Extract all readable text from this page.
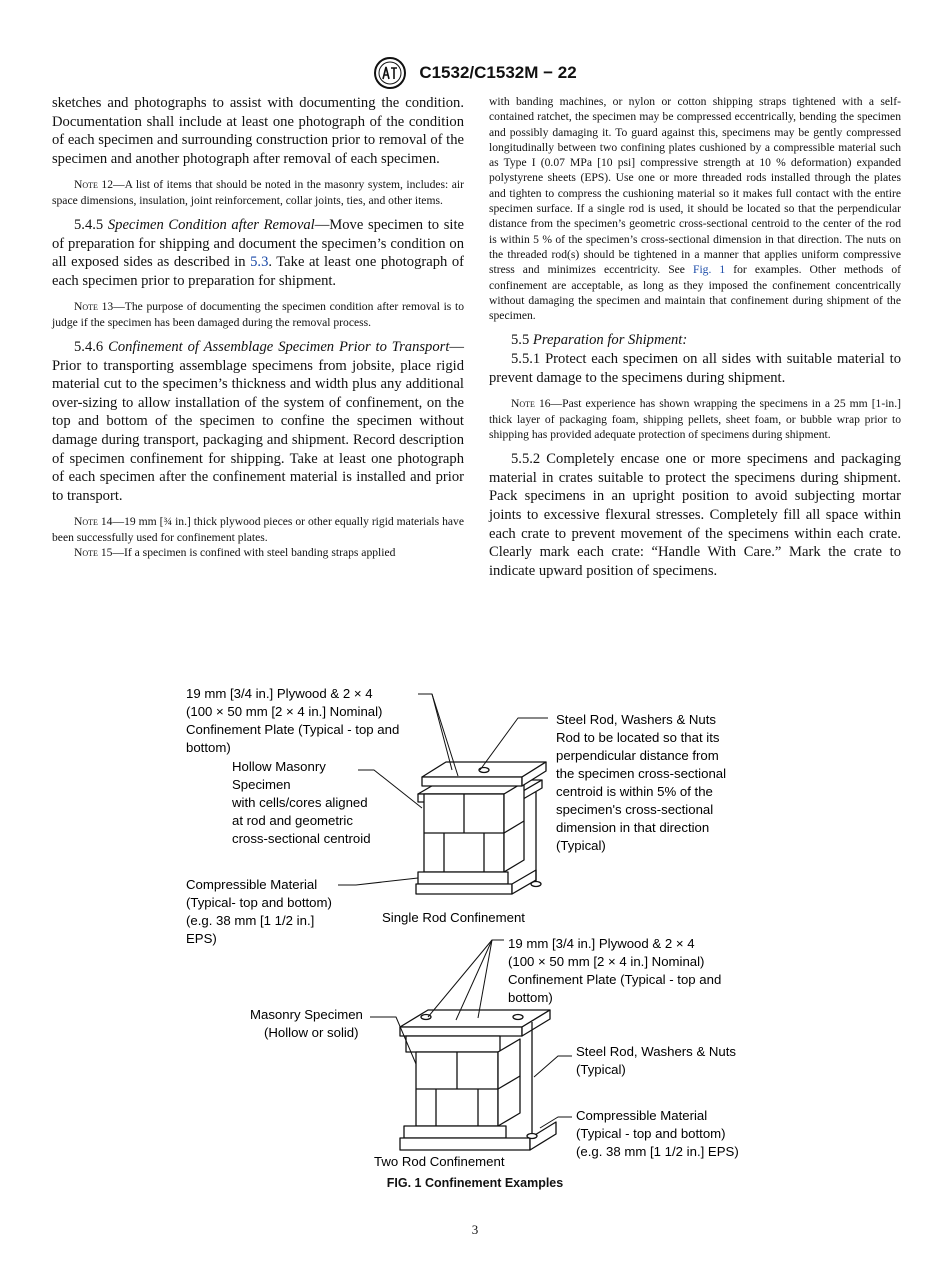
C1532/C1532M − 22

sketches and photographs to assist with documenting the condition. Documentation shall include at least one photograph of the condition of each specimen and surrounding construction prior to removal of the specimen and another photograph after removal of each specimen.

Note 12—A list of items that should be noted in the masonry system, includes: air space dimensions, insulation, joint reinforcement, collar joints, ties, and other items.

5.4.5 Specimen Condition after Removal—Move specimen to site of preparation for shipping and document the specimen’s condition on all exposed sides as described in 5.3. Take at least one photograph of each specimen prior to preparation for shipment.

Note 13—The purpose of documenting the specimen condition after removal is to judge if the specimen has been damaged during the removal process.

5.4.6 Confinement of Assemblage Specimen Prior to Transport—Prior to transporting assemblage specimens from jobsite, place rigid material cut to the specimen’s thickness and width plus any additional over-sizing to allow installation of the system of confinement, on the top and bottom of the specimen to confine the specimen without damage during transport, packaging and shipment. Record description of specimen confinement for shipping. Take at least one photograph of each specimen after the confinement material is installed and prior to transport.

Note 14—19 mm [¾ in.] thick plywood pieces or other equally rigid materials have been successfully used for confinement plates.

Note 15—If a specimen is confined with steel banding straps applied

with banding machines, or nylon or cotton shipping straps tightened with a self-contained ratchet, the specimen may be compressed eccentrically, bending the specimen and possibly damaging it. To guard against this, specimens may be gently compressed longitudinally between two confining plates cushioned by a compressible material such as Type I (0.07 MPa [10 psi] compressive strength at 10 % deformation) expanded polystyrene sheets (EPS). Use one or more threaded rods installed through the plates and tighten to compress the cushioning material so it makes full contact with the entire specimen surface. If a single rod is used, it should be located so that the perpendicular distance from the specimen’s geometric cross-sectional centroid to the center of the rod is within 5 % of the specimen’s cross-sectional dimension in that direction. The nuts on the threaded rod(s) should be tightened in a manner that applies uniform compressive stress and minimizes eccentricity. See Fig. 1 for examples. Other methods of confinement are acceptable, as long as they imposed the confinement concentrically without damaging the specimen and maintain that confinement during shipment of the specimen.

5.5 Preparation for Shipment:

5.5.1 Protect each specimen on all sides with suitable material to prevent damage to the specimens during shipment.

Note 16—Past experience has shown wrapping the specimens in a 25 mm [1-in.] thick layer of packaging foam, shipping pellets, sheet foam, or bubble wrap prior to shipping has provided adequate protection of specimens during shipment.

5.5.2 Completely encase one or more specimens and packaging material in crates suitable to protect the specimens during shipment. Pack specimens in an upright position to avoid subjecting mortar joints to excessive flexural stresses. Completely fill all space within each crate to prevent movement of the specimens within each crate. Clearly mark each crate: “Handle With Care.” Mark the crate to indicate upward position of specimens.

19 mm [3/4 in.] Plywood & 2 × 4 (100 × 50 mm [2 × 4 in.] Nominal) Confinement Plate (Typical - top and bottom)
Hollow Masonry Specimen with cells/cores aligned at rod and geometric cross-sectional centroid
Steel Rod, Washers & Nuts Rod to be located so that its perpendicular distance from the specimen cross-sectional centroid is within 5% of the specimen's cross-sectional dimension in that direction (Typical)
Compressible Material (Typical- top and bottom) (e.g. 38 mm [1 1/2 in.] EPS)
Single Rod Confinement
19 mm [3/4 in.] Plywood & 2 × 4 (100 × 50 mm [2 × 4 in.] Nominal) Confinement Plate (Typical - top and bottom)
Masonry Specimen (Hollow or solid)
Steel Rod, Washers & Nuts (Typical)
Compressible Material (Typical - top and bottom) (e.g. 38 mm [1 1/2 in.] EPS)
Two Rod Confinement
FIG. 1 Confinement Examples
3
